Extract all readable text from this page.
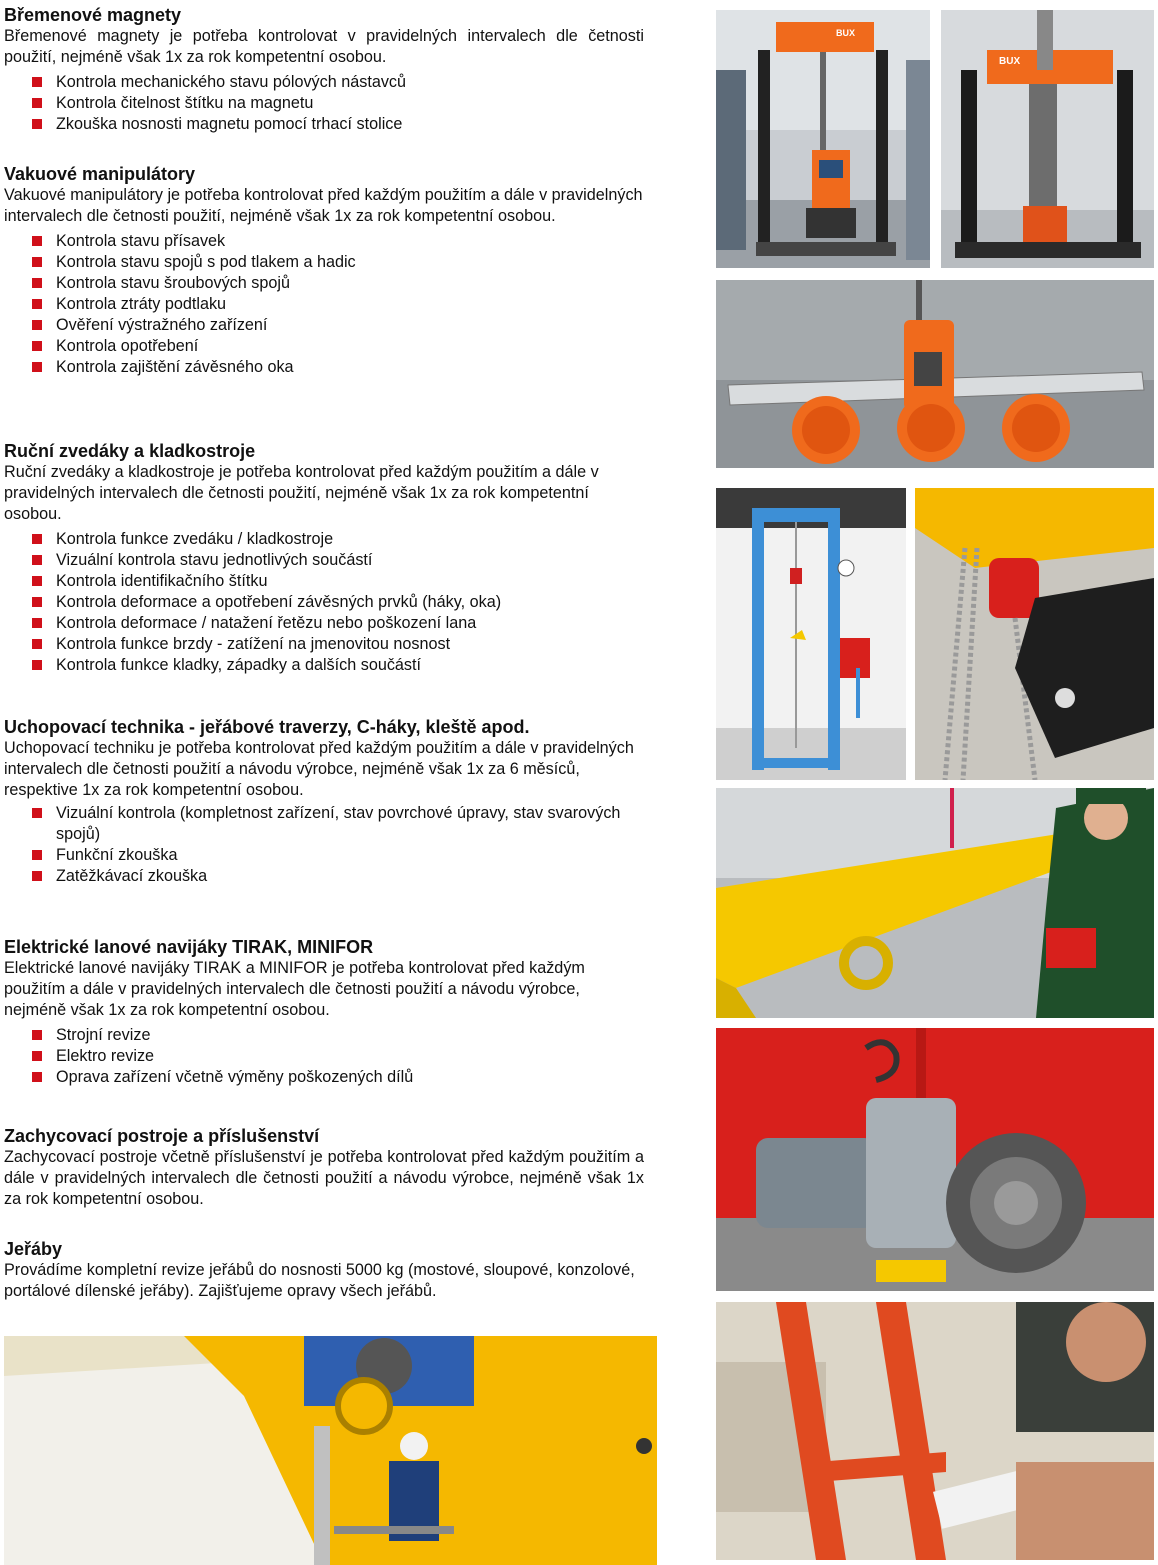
Břemenové magnety

Břemenové magnety je potřeba kontrolovat v pravidelných intervalech dle četnosti použití, nejméně však 1x za rok kompetentní osobou.

Kontrola mechanického stavu pólových nástavců
Kontrola čitelnost štítku na magnetu
Zkouška nosnosti magnetu pomocí trhací stolice
Vakuové manipulátory

Vakuové manipulátory je potřeba kontrolovat před každým použitím a dále v pravidelných intervalech dle četnosti použití, nejméně však 1x za rok kompetentní osobou.

Kontrola stavu přísavek
Kontrola stavu spojů s pod tlakem a hadic
Kontrola stavu šroubových spojů
Kontrola ztráty podtlaku
Ověření výstražného zařízení
Kontrola opotřebení
Kontrola zajištění závěsného oka
Ruční zvedáky a kladkostroje

Ruční zvedáky a kladkostroje je potřeba kontrolovat před každým použitím a dále v pravidelných intervalech dle četnosti použití, nejméně však 1x za rok kompetentní osobou.

Kontrola funkce zvedáku / kladkostroje
Vizuální kontrola stavu jednotlivých součástí
Kontrola identifikačního štítku
Kontrola deformace a opotřebení závěsných prvků (háky, oka)
Kontrola deformace / natažení řetězu nebo poškození lana
Kontrola funkce brzdy - zatížení na jmenovitou nosnost
Kontrola funkce kladky, západky a dalších součástí
Uchopovací technika - jeřábové traverzy, C-háky, kleště apod.

Uchopovací techniku je potřeba kontrolovat před každým použitím a dále v pravidelných intervalech dle četnosti použití a návodu výrobce, nejméně však 1x za 6 měsíců, respektive 1x za rok kompetentní osobou.

Vizuální kontrola (kompletnost zařízení, stav povrchové úpravy, stav svarových spojů)
Funkční zkouška
Zatěžkávací zkouška
Elektrické lanové navijáky TIRAK, MINIFOR

Elektrické lanové navijáky TIRAK a MINIFOR je potřeba kontrolovat před každým použitím a dále v pravidelných intervalech dle četnosti použití a návodu výrobce, nejméně však 1x za rok kompetentní osobou.

Strojní revize
Elektro revize
Oprava zařízení včetně výměny poškozených dílů
Zachycovací postroje a příslušenství

Zachycovací postroje včetně příslušenství je potřeba kontrolovat před každým použitím a dále v pravidelných intervalech dle četnosti použití a návodu výrobce, nejméně však 1x za rok kompetentní osobou.

Jeřáby

Provádíme kompletní revize jeřábů do nosnosti 5000 kg (mostové, sloupové, konzolové, portálové dílenské jeřáby). Zajišťujeme opravy všech jeřábů.

BUX
BUX
